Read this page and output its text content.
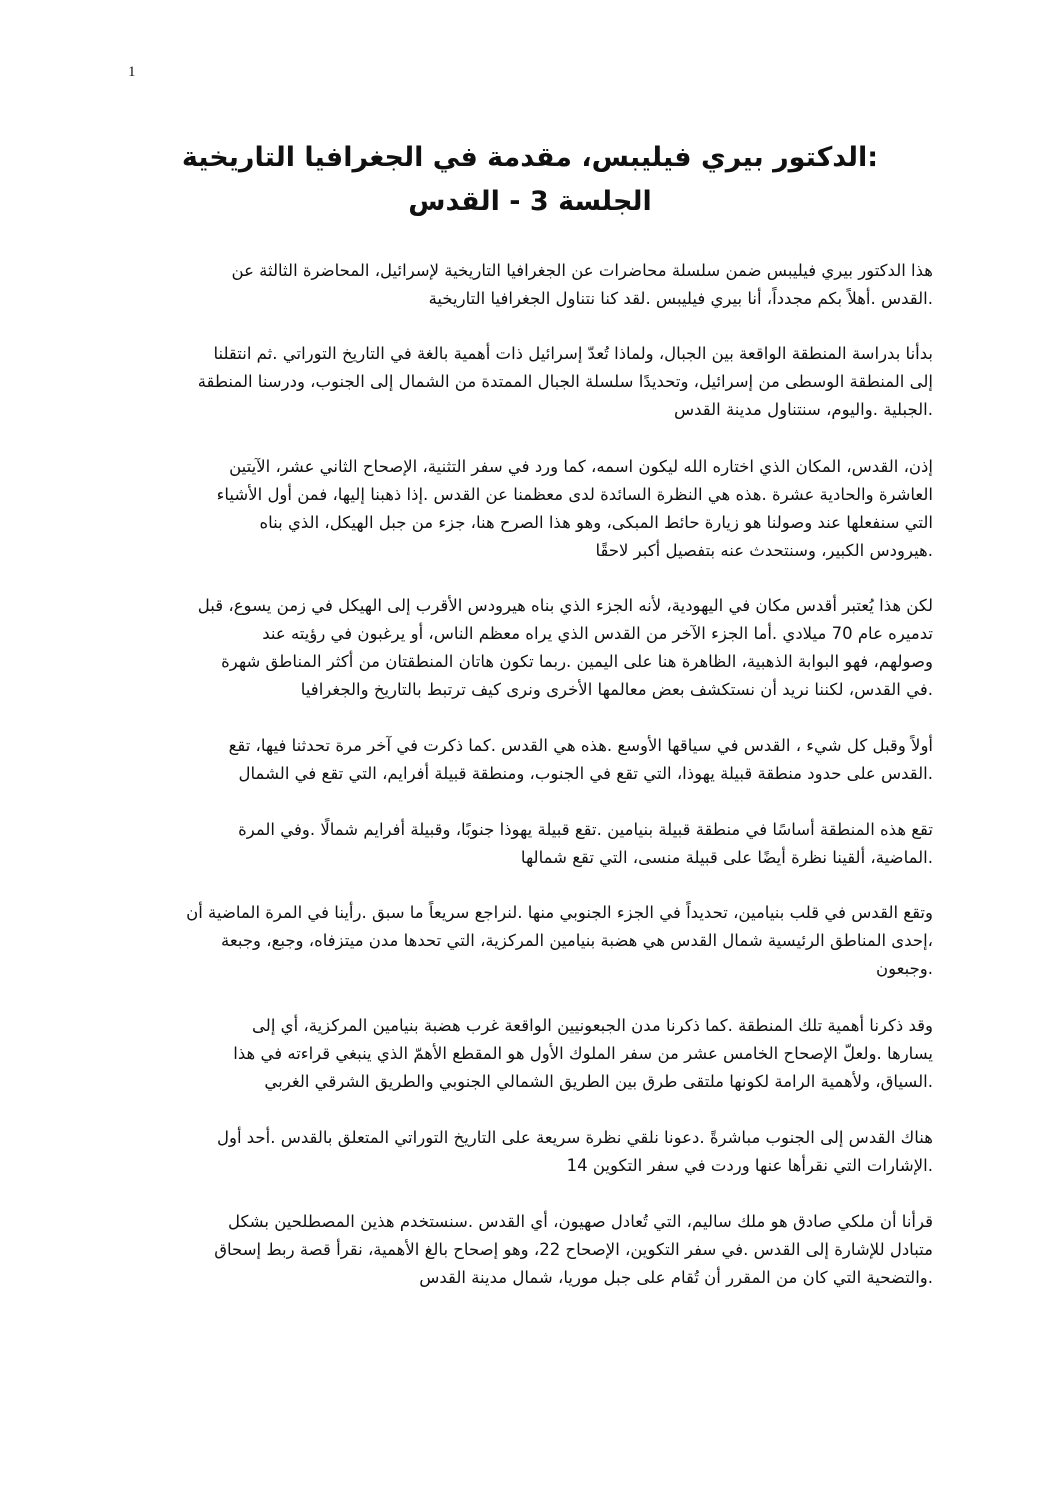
1
:الدكتور بيري فيليبس، مقدمة في الجغرافيا التاريخية
الجلسة 3 - القدس
هذا الدكتور بيري فيليبس ضمن سلسلة محاضرات عن الجغرافيا التاريخية لإسرائيل، المحاضرة الثالثة عن
.القدس .أهلاً بكم مجدداً، أنا بيري فيليبس .لقد كنا نتناول الجغرافيا التاريخية
بدأنا بدراسة المنطقة الواقعة بين الجبال، ولماذا تُعدّ إسرائيل ذات أهمية بالغة في التاريخ التوراتي .ثم انتقلنا
إلى المنطقة الوسطى من إسرائيل، وتحديدًا سلسلة الجبال الممتدة من الشمال إلى الجنوب، ودرسنا المنطقة
.الجبلية .واليوم، سنتناول مدينة القدس
إذن، القدس، المكان الذي اختاره الله ليكون اسمه، كما ورد في سفر التثنية، الإصحاح الثاني عشر، الآيتين
العاشرة والحادية عشرة .هذه هي النظرة السائدة لدى معظمنا عن القدس .إذا ذهبنا إليها، فمن أول الأشياء
التي سنفعلها عند وصولنا هو زيارة حائط المبكى، وهو هذا الصرح هنا، جزء من جبل الهيكل، الذي بناه
.هيرودس الكبير، وسنتحدث عنه بتفصيل أكبر لاحقًا
لكن هذا يُعتبر أقدس مكان في اليهودية، لأنه الجزء الذي بناه هيرودس الأقرب إلى الهيكل في زمن يسوع، قبل
تدميره عام 70 ميلادي .أما الجزء الآخر من القدس الذي يراه معظم الناس، أو يرغبون في رؤيته عند
وصولهم، فهو البوابة الذهبية، الظاهرة هنا على اليمين .ربما تكون هاتان المنطقتان من أكثر المناطق شهرة
.في القدس، لكننا نريد أن نستكشف بعض معالمها الأخرى ونرى كيف ترتبط بالتاريخ والجغرافيا
أولاً وقبل كل شيء ، القدس في سياقها الأوسع .هذه هي القدس .كما ذكرت في آخر مرة تحدثنا فيها، تقع
.القدس على حدود منطقة قبيلة يهوذا، التي تقع في الجنوب، ومنطقة قبيلة أفرايم، التي تقع في الشمال
تقع هذه المنطقة أساسًا في منطقة قبيلة بنيامين .تقع قبيلة يهوذا جنوبًا، وقبيلة أفرايم شمالًا .وفي المرة
.الماضية، ألقينا نظرة أيضًا على قبيلة منسى، التي تقع شمالها
وتقع القدس في قلب بنيامين، تحديداً في الجزء الجنوبي منها .لنراجع سريعاً ما سبق .رأينا في المرة الماضية أن
،إحدى المناطق الرئيسية شمال القدس هي هضبة بنيامين المركزية، التي تحدها مدن ميتزفاه، وجبع، وجبعة
.وجبعون
وقد ذكرنا أهمية تلك المنطقة .كما ذكرنا مدن الجبعونيين الواقعة غرب هضبة بنيامين المركزية، أي إلى
يسارها .ولعلّ الإصحاح الخامس عشر من سفر الملوك الأول هو المقطع الأهمّ الذي ينبغي قراءته في هذا
.السياق، ولأهمية الرامة لكونها ملتقى طرق بين الطريق الشمالي الجنوبي والطريق الشرقي الغربي
هناك القدس إلى الجنوب مباشرةً .دعونا نلقي نظرة سريعة على التاريخ التوراتي المتعلق بالقدس .أحد أول
.الإشارات التي نقرأها عنها وردت في سفر التكوين 14
قرأنا أن ملكي صادق هو ملك ساليم، التي تُعادل صهيون، أي القدس .سنستخدم هذين المصطلحين بشكل
متبادل للإشارة إلى القدس .في سفر التكوين، الإصحاح 22، وهو إصحاح بالغ الأهمية، نقرأ قصة ربط إسحاق
.والتضحية التي كان من المقرر أن تُقام على جبل موريا، شمال مدينة القدس
